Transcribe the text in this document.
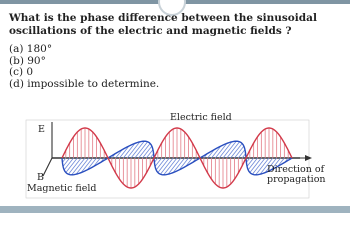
What is the phase difference between the sinusoidal oscillations of the electric and magnetic fields ?
(a) 180°
(b) 90°
(c) 0
(d) impossible to determine.
E
B
Magnetic field
Electric field
Direction of
propagation
